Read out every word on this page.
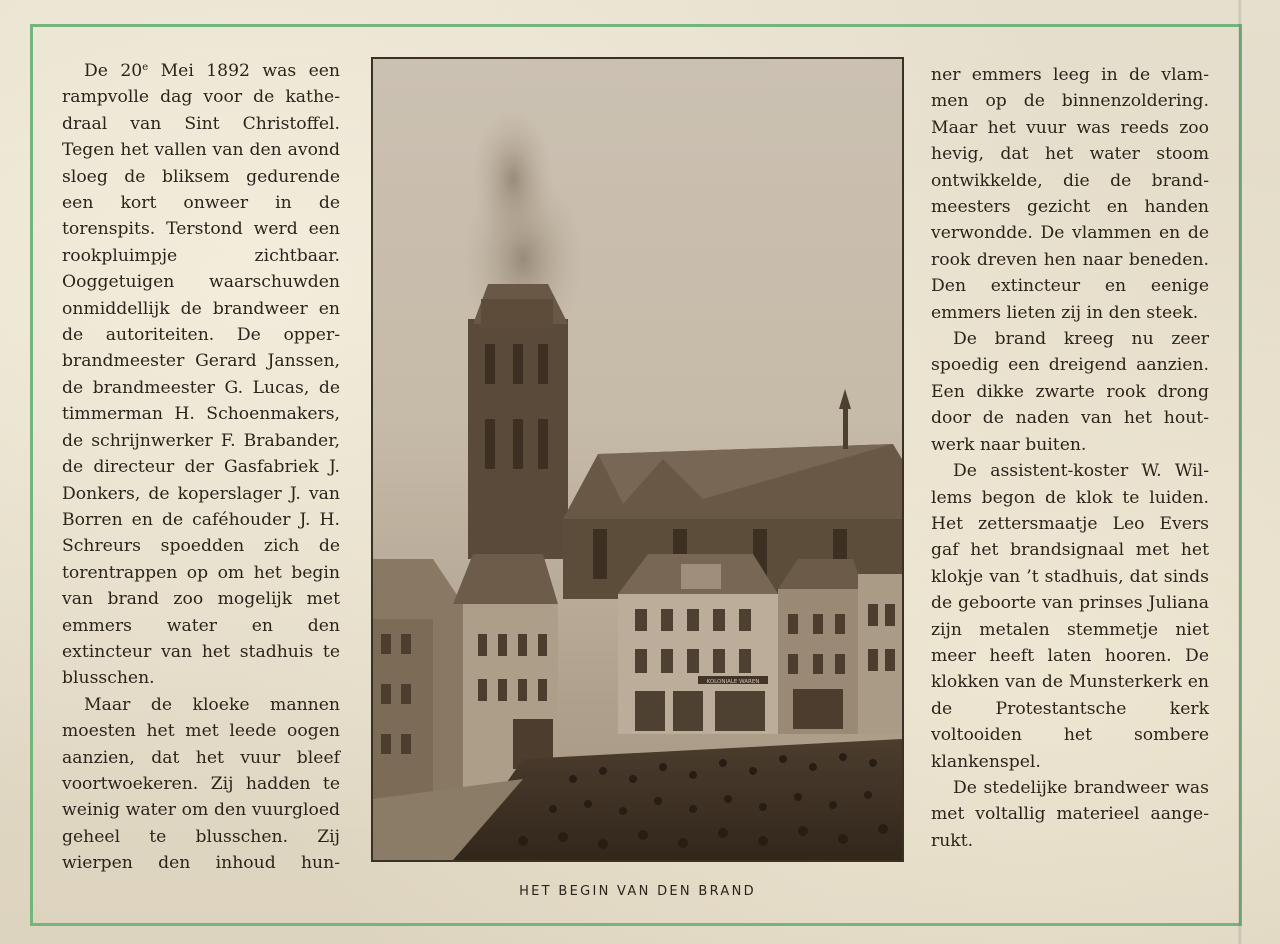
De 20e Mei 1892 was een rampvolle dag voor de kathedraal van Sint Christoffel. Tegen het vallen van den avond sloeg de bliksem gedurende een kort onweer in de torenspits. Terstond werd een rookpluimpje zichtbaar. Ooggetuigen waarschuwden onmiddellijk de brandweer en de autoriteiten. De opperbrandmeester Gerard Janssen, de brandmeester G. Lucas, de timmerman H. Schoenmakers, de schrijnwerker F. Brabander, de directeur der Gasfabriek J. Donkers, de koperslager J. van Borren en de caféhouder J. H. Schreurs spoedden zich de torentrappen op om het begin van brand zoo mogelijk met emmers water en den extincteur van het stadhuis te blusschen.

Maar de kloeke mannen moesten het met leede oogen aanzien, dat het vuur bleef voortwoekeren. Zij hadden te weinig water om den vuurgloed geheel te blusschen. Zij wierpen den inhoud hun-

KOLONIALE WAREN
HET BEGIN VAN DEN BRAND

ner emmers leeg in de vlammen op de binnenzoldering. Maar het vuur was reeds zoo hevig, dat het water stoom ontwikkelde, die de brandmeesters gezicht en handen verwondde. De vlammen en de rook dreven hen naar beneden. Den extincteur en eenige emmers lieten zij in den steek.

De brand kreeg nu zeer spoedig een dreigend aanzien. Een dikke zwarte rook drong door de naden van het houtwerk naar buiten.

De assistent-koster W. Willems begon de klok te luiden. Het zettersmaatje Leo Evers gaf het brandsignaal met het klokje van ’t stadhuis, dat sinds de geboorte van prinses Juliana zijn metalen stemmetje niet meer heeft laten hooren. De klokken van de Munsterkerk en de Protestantsche kerk voltooiden het sombere klankenspel.

De stedelijke brandweer was met voltallig materieel aangerukt.
